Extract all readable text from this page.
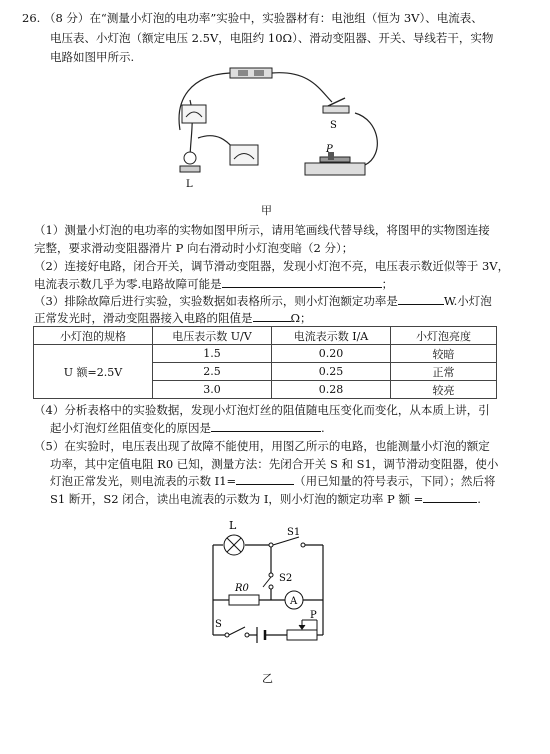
26. （8 分）在“测量小灯泡的电功率”实验中，实验器材有：电池组（恒为 3V）、电流表、
电压表、小灯泡（额定电压 2.5V，电阻约 10Ω）、滑动变阻器、开关、导线若干，实物
电路如图甲所示.
L
S
P
甲
（1）测量小灯泡的电功率的实物如图甲所示，请用笔画线代替导线，将图甲的实物图连接
完整，要求滑动变阻器滑片 P 向右滑动时小灯泡变暗（2 分）；
（2）连接好电路，闭合开关，调节滑动变阻器，发现小灯泡不亮，电压表示数近似等于 3V，
电流表示数几乎为零.电路故障可能是	；
（3）排除故障后进行实验，实验数据如表格所示，则小灯泡额定功率是	W.小灯泡
正常发光时，滑动变阻器接入电路的阻值是	Ω；
小灯泡的规格	电压表示数 U/V	电流表示数 I/A	小灯泡亮度
U 额=2.5V	1.5	0.20	较暗
	2.5	0.25	正常
	3.0	0.28	较亮
（4）分析表格中的实验数据，发现小灯泡灯丝的阻值随电压变化而变化，从本质上讲，引
起小灯泡灯丝阻值变化的原因是	.
（5）在实验时，电压表出现了故障不能使用，用图乙所示的电路，也能测量小灯泡的额定
功率，其中定值电阻 R0 已知，测量方法：先闭合开关 S 和 S1，调节滑动变阻器，使小
灯泡正常发光，则电流表的示数 I1=	（用已知量的符号表示，下同）；然后将
S1 断开，S2 闭合，读出电流表的示数为 I，则小灯泡的额定功率 P 额 =	.
A
L
S1
S2
R0
S
P
乙
